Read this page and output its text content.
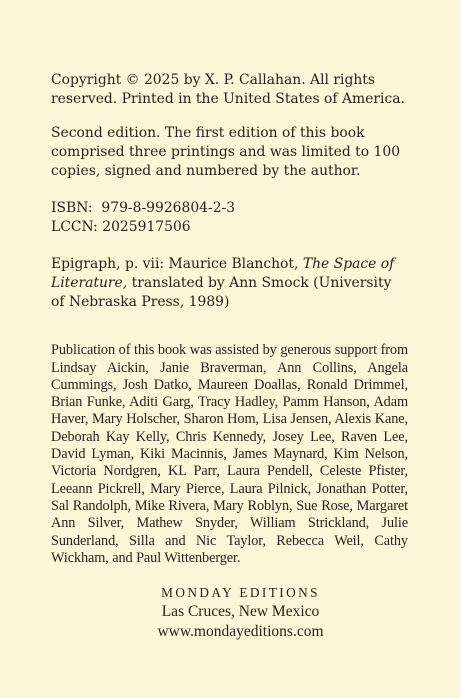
Copyright © 2025 by X. P. Callahan. All rights reserved. Printed in the United States of America.

Second edition. The first edition of this book comprised three printings and was limited to 100 copies, signed and numbered by the author.

ISBN: 979-8-9926804-2-3
LCCN: 2025917506

Epigraph, p. vii: Maurice Blanchot, The Space of Literature, translated by Ann Smock (University of Nebraska Press, 1989)

Publication of this book was assisted by generous support from Lindsay Aickin, Janie Braverman, Ann Collins, Angela Cummings, Josh Datko, Maureen Doallas, Ronald Drimmel, Brian Funke, Aditi Garg, Tracy Hadley, Pamm Hanson, Adam Haver, Mary Holscher, Sharon Hom, Lisa Jensen, Alexis Kane, Deborah Kay Kelly, Chris Kennedy, Josey Lee, Raven Lee, David Lyman, Kiki Macinnis, James Maynard, Kim Nelson, Victoria Nordgren, KL Parr, Laura Pendell, Celeste Pfister, Leeann Pickrell, Mary Pierce, Laura Pilnick, Jonathan Potter, Sal Randolph, Mike Rivera, Mary Roblyn, Sue Rose, Margaret Ann Silver, Mathew Snyder, William Strickland, Julie Sunderland, Silla and Nic Taylor, Rebecca Weil, Cathy Wickham, and Paul Wittenberger.

MONDAY EDITIONS
Las Cruces, New Mexico
www.mondayeditions.com
